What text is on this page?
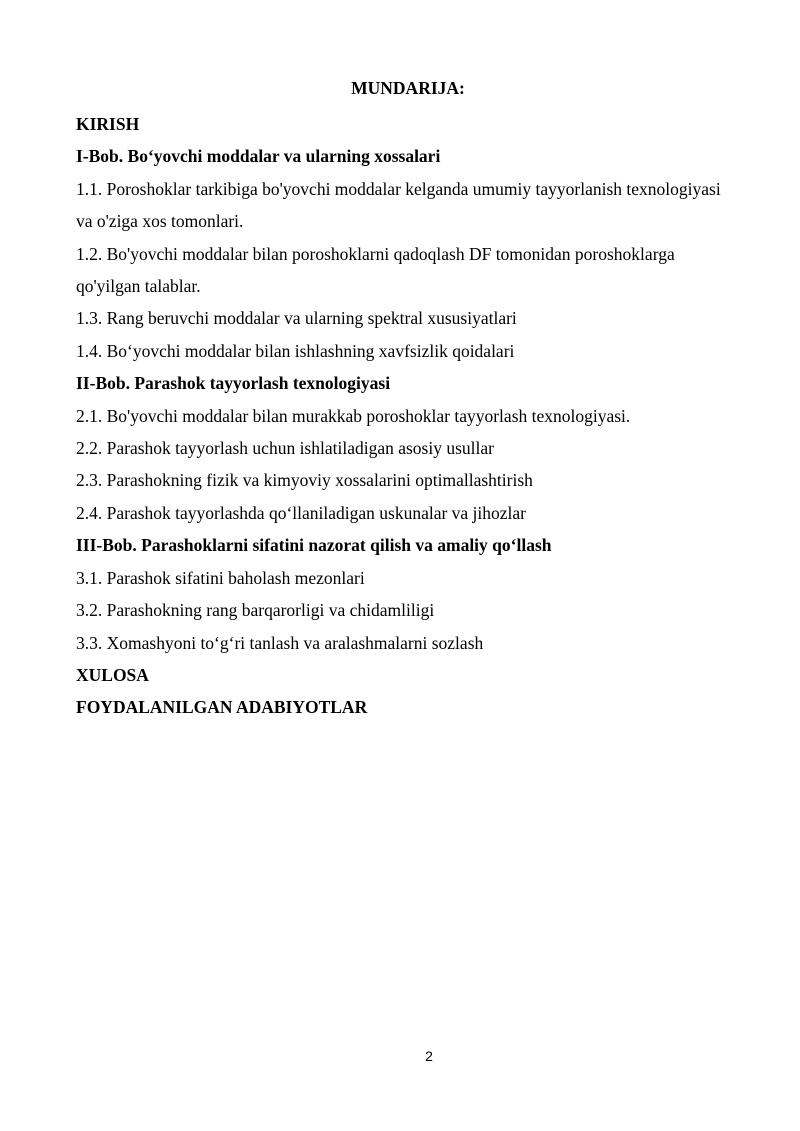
MUNDARIJA:
KIRISH
I-Bob. Bo‘yovchi moddalar va ularning xossalari
1.1. Poroshoklar tarkibiga bo'yovchi moddalar kelganda umumiy tayyorlanish texnologiyasi va o'ziga xos tomonlari.
1.2. Bo'yovchi moddalar bilan poroshoklarni qadoqlash DF tomonidan poroshoklarga qo'yilgan talablar.
1.3. Rang beruvchi moddalar va ularning spektral xususiyatlari
1.4. Bo‘yovchi moddalar bilan ishlashning xavfsizlik qoidalari
II-Bob. Parashok tayyorlash texnologiyasi
2.1. Bo'yovchi moddalar bilan murakkab poroshoklar tayyorlash texnologiyasi.
2.2. Parashok tayyorlash uchun ishlatiladigan asosiy usullar
2.3. Parashokning fizik va kimyoviy xossalarini optimallashtirish
2.4. Parashok tayyorlashda qo‘llaniladigan uskunalar va jihozlar
III-Bob. Parashoklarni sifatini nazorat qilish va amaliy qo‘llash
3.1. Parashok sifatini baholash mezonlari
3.2. Parashokning rang barqarorligi va chidamliligi
3.3. Xomashyoni to‘g‘ri tanlash va aralashmalarni sozlash
XULOSA
FOYDALANILGAN ADABIYOTLAR
2
